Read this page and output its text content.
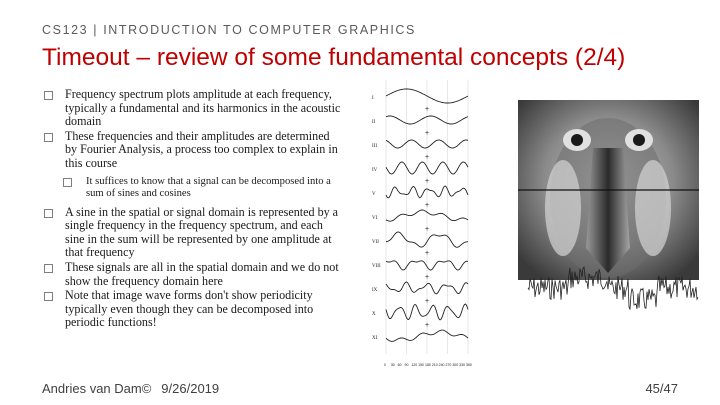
CS123 | INTRODUCTION TO COMPUTER GRAPHICS
Timeout – review of some fundamental concepts (2/4)
Frequency spectrum plots amplitude at each frequency, typically a fundamental and its harmonics in the acoustic domain
These frequencies and their amplitudes are determined by Fourier Analysis, a process too complex to explain in this course
It suffices to know that a signal can be decomposed into a sum of sines and cosines
A sine in the spatial or signal domain is represented by a single frequency in the frequency spectrum, and each sine in the sum will be represented by one amplitude at that frequency
These signals are all in the spatial domain and we do not show the frequency domain here
Note that image wave forms don't show periodicity typically even though they can be decomposed into periodic functions!
+
+
+
+
+
+
+
+
+
+
I
II
III
IV
V
VI
VII
VIII
IX
X
XI
0 30 60 90 120 150 180 210 240 270 300 330 360
Andries van Dam© 9/26/2019	45/47
